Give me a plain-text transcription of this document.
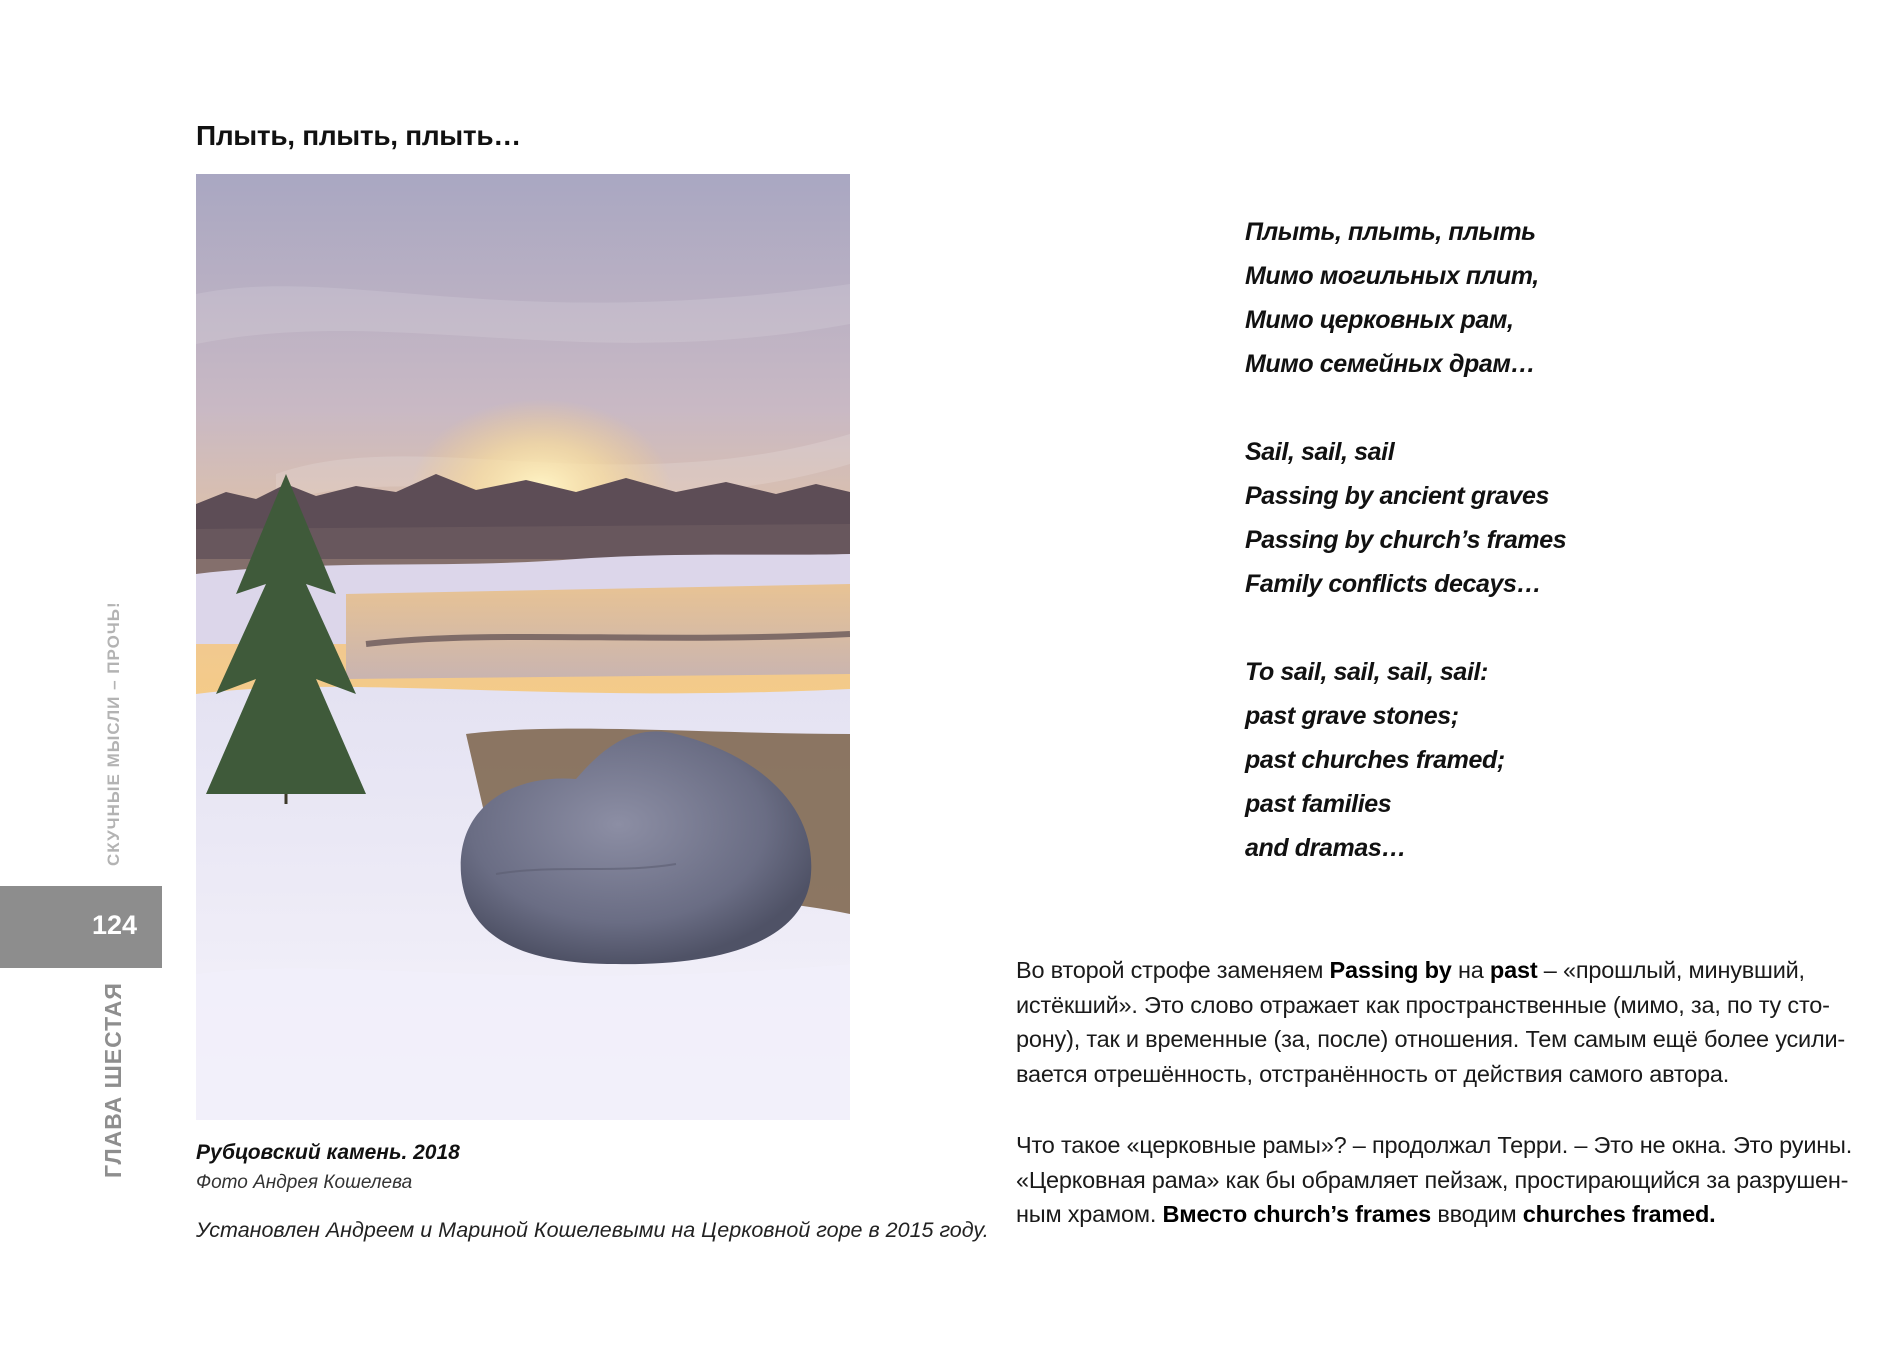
Плыть, плыть, плыть…
Рубцовский камень. 2018
Фото Андрея Кошелева
Установлен Андреем и Мариной Кошелевыми на Церковной горе в 2015 году.
ГЛАВА ШЕСТАЯ
СКУЧНЫЕ МЫСЛИ – ПРОЧЬ!
124
Плыть, плыть, плыть
Мимо могильных плит,
Мимо церковных рам,
Мимо семейных драм…
Sail, sail, sail
Passing by ancient graves
Passing by church’s frames
Family conflicts decays…
To sail, sail, sail, sail:
past grave stones;
past churches framed;
past families
and dramas…
Во второй строфе заменяем Passing by на past – «прошлый, минувший,
истёкший». Это слово отражает как пространственные (мимо, за, по ту сто-
рону), так и временные (за, после) отношения. Тем самым ещё более усили-
вается отрешённость, отстранённость от действия самого автора.
Что такое «церковные рамы»? – продолжал Терри. – Это не окна. Это руины.
«Церковная рама» как бы обрамляет пейзаж, простирающийся за разрушен-
ным храмом. Вместо church’s frames вводим churches framed.
